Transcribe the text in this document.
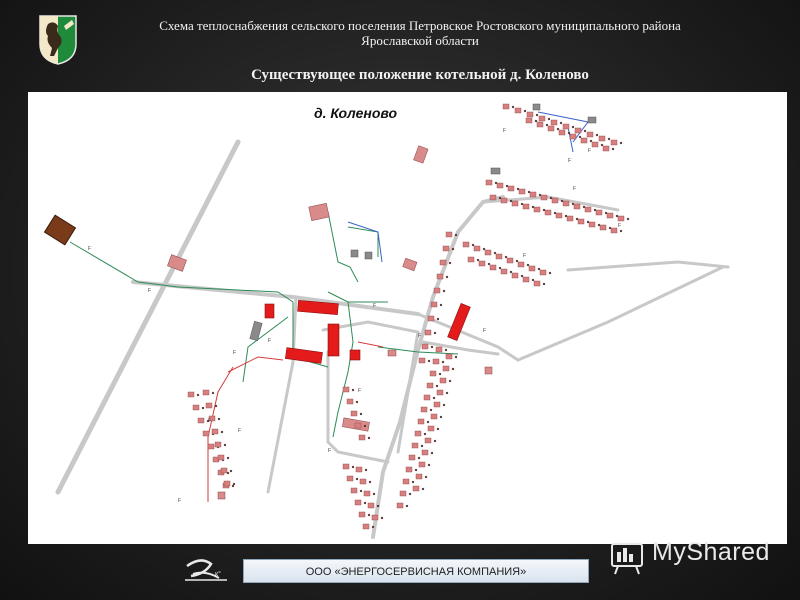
Схема теплоснабжения сельского поселения Петровское Ростовского муниципального района
Ярославской области
Существующее положение котельной д. Коленово
F
F
F
F
F
F
F
F
F
F
F
F
F
F
F
F
F
F
д. Коленово
к°	ООО «ЭНЕРГОСЕРВИСНАЯ КОМПАНИЯ»
MyShared
